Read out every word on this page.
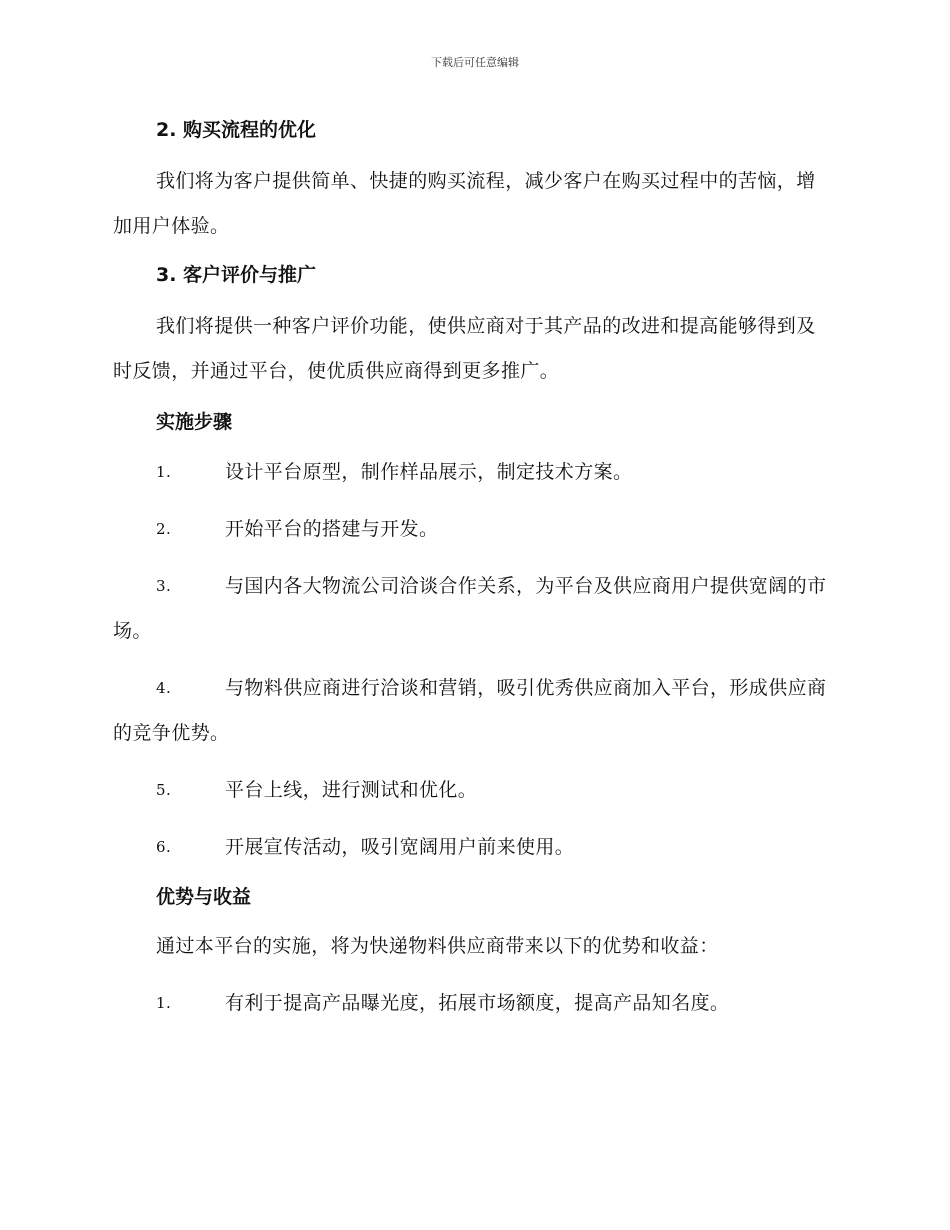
下载后可任意编辑
2. 购买流程的优化
我们将为客户提供简单、快捷的购买流程，减少客户在购买过程中的苦恼，增加用户体验。
3. 客户评价与推广
我们将提供一种客户评价功能，使供应商对于其产品的改进和提高能够得到及时反馈，并通过平台，使优质供应商得到更多推广。
实施步骤
1.	设计平台原型，制作样品展示，制定技术方案。
2.	开始平台的搭建与开发。
3.	与国内各大物流公司洽谈合作关系，为平台及供应商用户提供宽阔的市场。
4.	与物料供应商进行洽谈和营销，吸引优秀供应商加入平台，形成供应商的竞争优势。
5.	平台上线，进行测试和优化。
6.	开展宣传活动，吸引宽阔用户前来使用。
优势与收益
通过本平台的实施，将为快递物料供应商带来以下的优势和收益：
1.	有利于提高产品曝光度，拓展市场额度，提高产品知名度。
